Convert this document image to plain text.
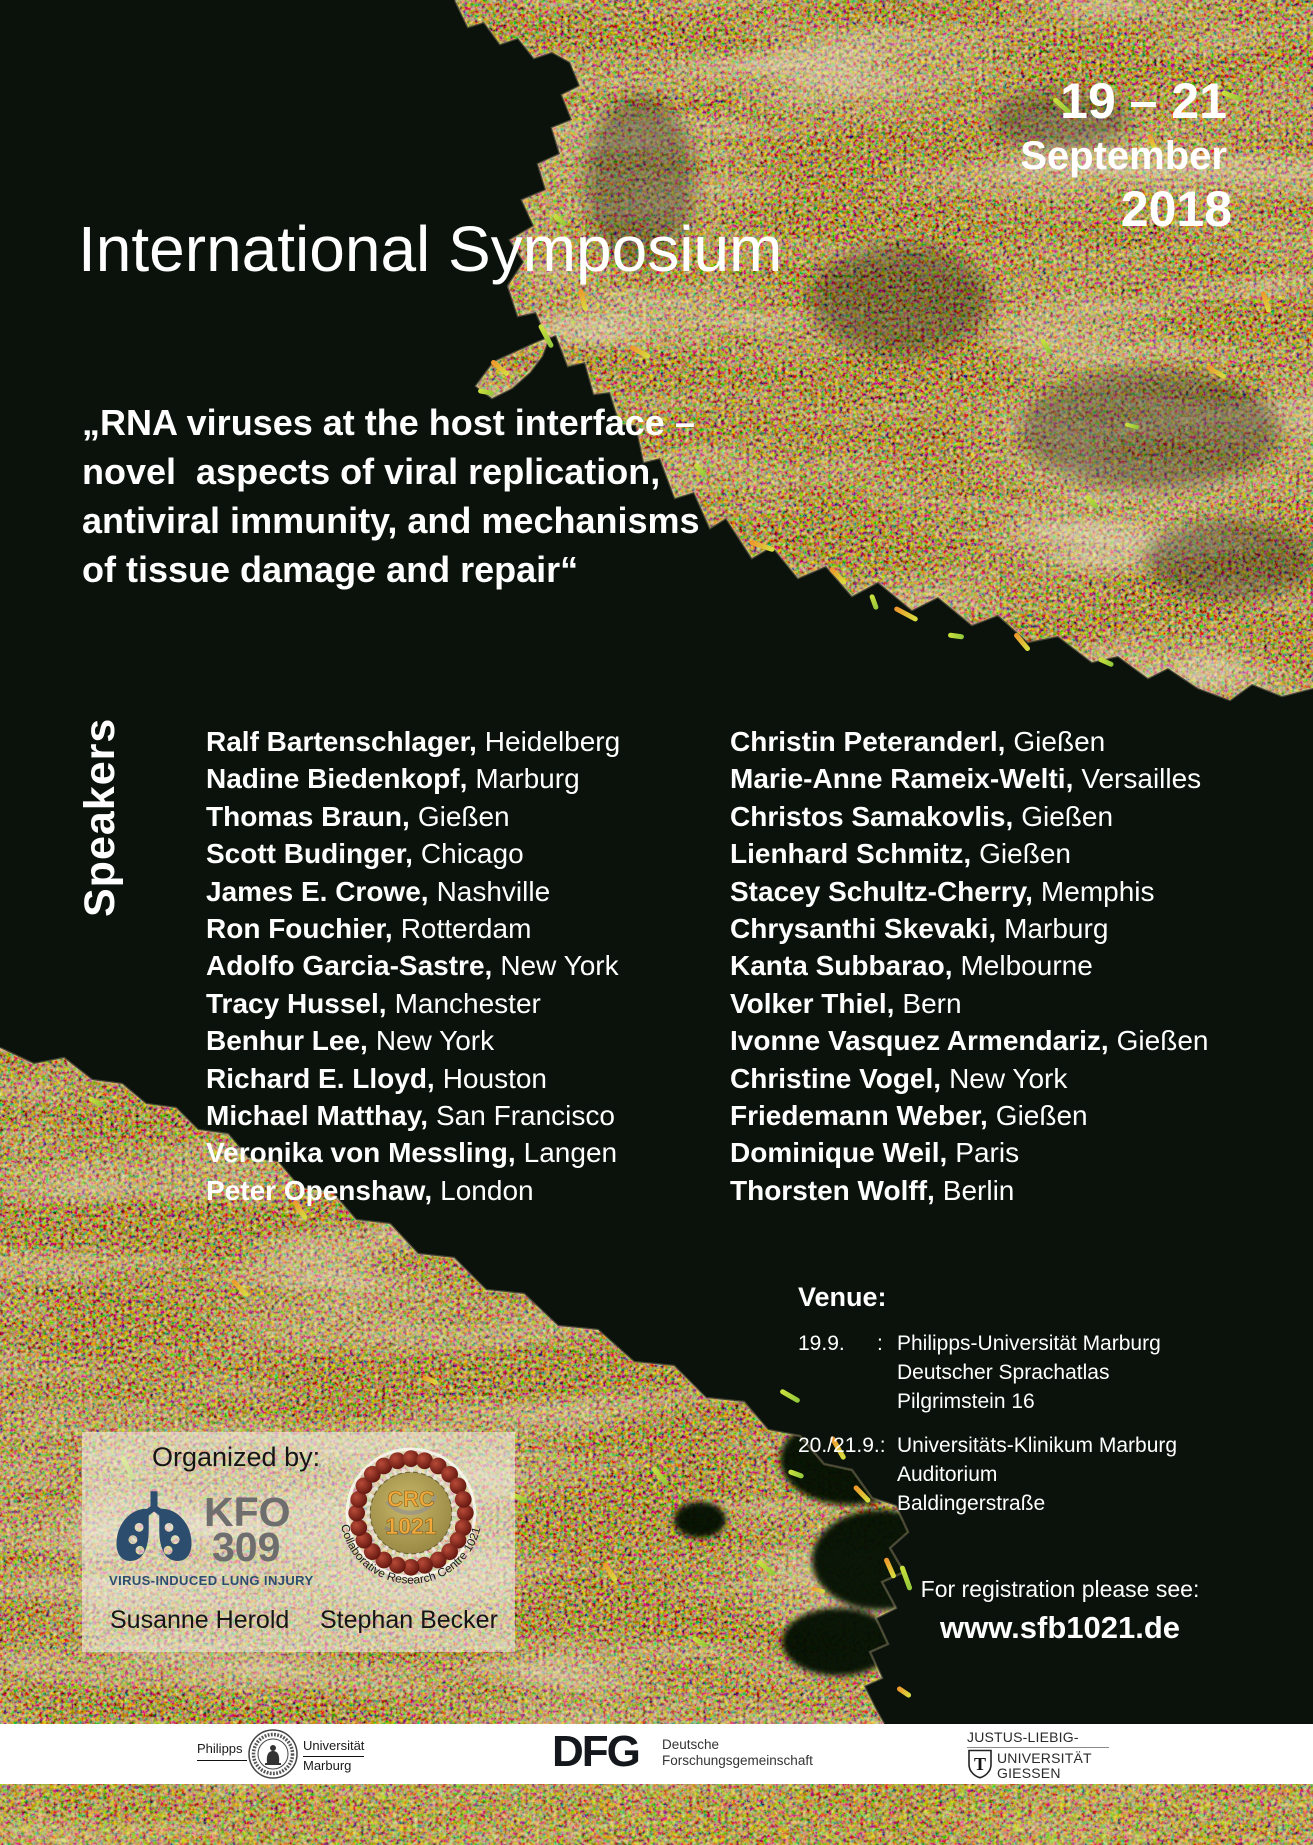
19 – 21
September
2018
International Symposium
„RNA viruses at the host interface –
novel  aspects of viral replication,
antiviral immunity, and mechanisms
of tissue damage and repair“
Speakers	Ralf Bartenschlager, Heidelberg
Nadine Biedenkopf, Marburg
Thomas Braun, Gießen
Scott Budinger, Chicago
James E. Crowe, Nashville
Ron Fouchier, Rotterdam
Adolfo Garcia-Sastre, New York
Tracy Hussel, Manchester
Benhur Lee, New York
Richard E. Lloyd, Houston
Michael Matthay, San Francisco
Veronika von Messling, Langen
Peter Openshaw, London
Christin Peteranderl, Gießen
Marie-Anne Rameix-Welti, Versailles
Christos Samakovlis, Gießen
Lienhard Schmitz, Gießen
Stacey Schultz-Cherry, Memphis
Chrysanthi Skevaki, Marburg
Kanta Subbarao, Melbourne
Volker Thiel, Bern
Ivonne Vasquez Armendariz, Gießen
Christine Vogel, New York
Friedemann Weber, Gießen
Dominique Weil, Paris
Thorsten Wolff, Berlin
Venue:
19.9. : Philipps-Universität Marburg
Deutscher Sprachatlas
Pilgrimstein 16
20./21.9.: Universitäts-Klinikum Marburg
Auditorium
Baldingerstraße
For registration please see:
www.sfb1021.de
Organized by:
KFO
309
VIRUS-INDUCED LUNG INJURY
CRC
1021
Collaborative Research Centre 1021
Susanne Herold Stephan Becker
Philipps	Universität
Marburg	DFG Deutsche
Forschungsgemeinschaft
JUSTUS-LIEBIG-
T UNIVERSITÄT
GIESSEN
